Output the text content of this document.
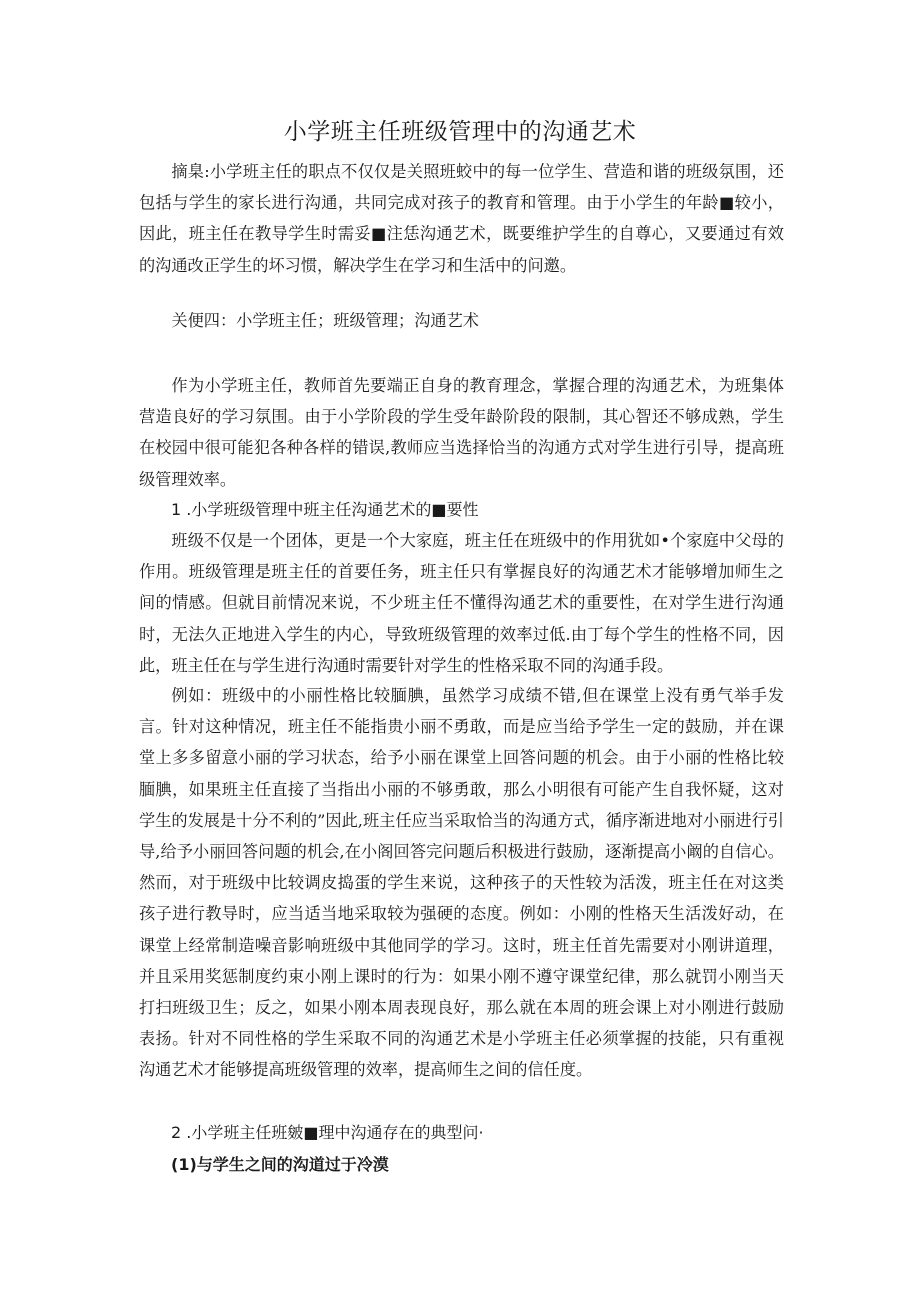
小学班主任班级管理中的沟通艺术

摘臬:小学班主任的职点不仅仅是关照班蛟中的每一位学生、营造和谐的班级氛围，还包括与学生的家长进行沟通，共同完成对孩子的教育和管理。由于小学生的年龄■较小，因此，班主任在教导学生时需妥■注恁沟通艺术，既要维护学生的自尊心，又要通过有效的沟通改正学生的坏习惯，解决学生在学习和生活中的问邀。

关便四：小学班主任；班级管理；沟通艺术

作为小学班主任，教师首先要端正自身的教育理念，掌握合理的沟通艺术，为班集体营造良好的学习氛围。由于小学阶段的学生受年龄阶段的限制，其心智还不够成熟，学生在校园中很可能犯各种各样的错误,教师应当选择恰当的沟通方式对学生进行引导，提高班级管理效率。

1 .小学班级管理中班主任沟通艺术的■要性

班级不仅是一个团体，更是一个大家庭，班主任在班级中的作用犹如•个家庭中父母的作用。班级管理是班主任的首要任务，班主任只有掌握良好的沟通艺术才能够增加师生之间的情感。但就目前情况来说，不少班主任不懂得沟通艺术的重要性，在对学生进行沟通时，无法久正地进入学生的内心，导致班级管理的效率过低.由丁每个学生的性格不同，因此，班主任在与学生进行沟通时需要针对学生的性格采取不同的沟通手段。

例如：班级中的小丽性格比较腼腆，虽然学习成绩不错,但在课堂上没有勇气举手发言。针对这种情况，班主任不能指贵小丽不勇敢，而是应当给予学生一定的鼓励，并在课堂上多多留意小丽的学习状态，给予小丽在课堂上回答问题的机会。由于小丽的性格比较腼腆，如果班主任直接了当指出小丽的不够勇敢，那么小明很有可能产生自我怀疑，这对学生的发展是十分不利的”因此,班主任应当采取恰当的沟通方式，循序渐进地对小丽进行引导,给予小丽回答问题的机会,在小阁回答完问题后积极进行鼓励，逐渐提高小阚的自信心。然而，对于班级中比较调皮捣蛋的学生来说，这种孩子的天性较为活泼，班主任在对这类孩子进行教导时，应当适当地采取较为强硬的态度。例如：小刚的性格天生活泼好动，在课堂上经常制造噪音影响班级中其他同学的学习。这时，班主任首先需要对小刚讲道理，并且采用奖惩制度约束小刚上课时的行为：如果小刚不遵守课堂纪律，那么就罚小刚当天打扫班级卫生；反之，如果小刚本周表现良好，那么就在本周的班会课上对小刚进行鼓励表扬。针对不同性格的学生采取不同的沟通艺术是小学班主任必须掌握的技能，只有重视沟通艺术才能够提高班级管理的效率，提高师生之间的信任度。

2 .小学班主任班皴■理中沟通存在的典型问·
(1)与学生之间的沟道过于冷漠
